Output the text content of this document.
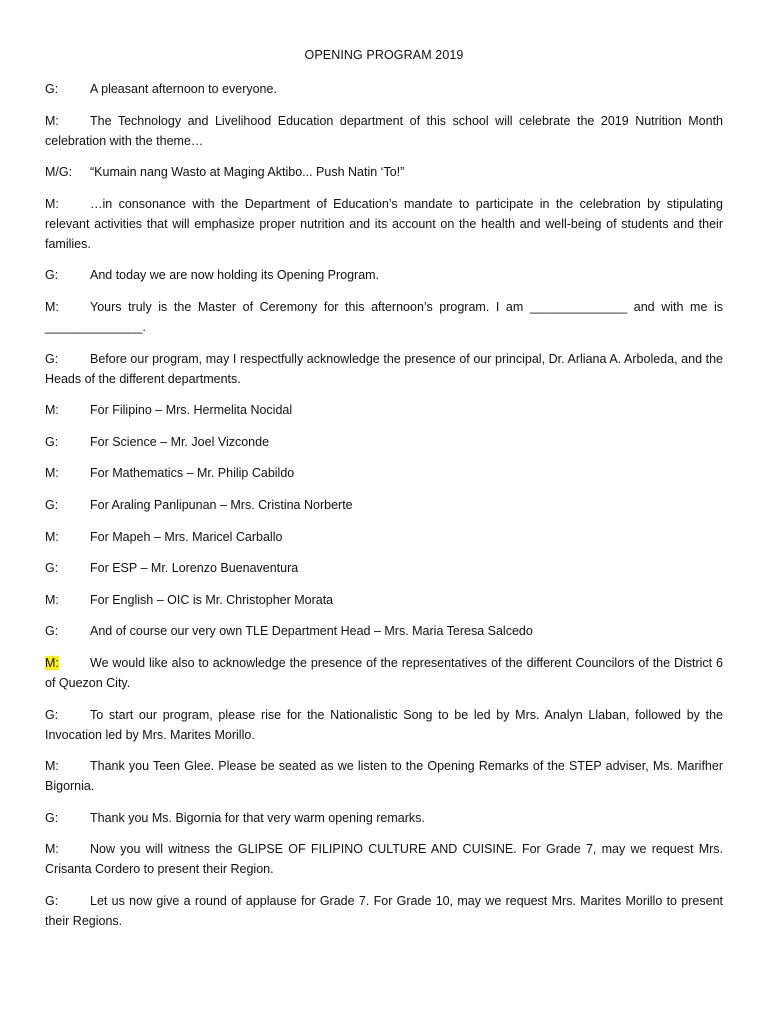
OPENING PROGRAM 2019
G:	A pleasant afternoon to everyone.
M: The Technology and Livelihood Education department of this school will celebrate the 2019 Nutrition Month celebration with the theme…
M/G: “Kumain nang Wasto at Maging Aktibo... Push Natin ‘To!”
M: …in consonance with the Department of Education’s mandate to participate in the celebration by stipulating relevant activities that will emphasize proper nutrition and its account on the health and well-being of students and their families.
G:	And today we are now holding its Opening Program.
M: Yours truly is the Master of Ceremony for this afternoon’s program. I am ______________ and with me is ______________.
G:	Before our program, may I respectfully acknowledge the presence of our principal, Dr. Arliana A. Arboleda, and the Heads of the different departments.
M: For Filipino – Mrs. Hermelita Nocidal
G:	For Science – Mr. Joel Vizconde
M: For Mathematics – Mr. Philip Cabildo
G:	For Araling Panlipunan – Mrs. Cristina Norberte
M: For Mapeh – Mrs. Maricel Carballo
G:	For ESP – Mr. Lorenzo Buenaventura
M: For English – OIC is Mr. Christopher Morata
G:	And of course our very own TLE Department Head – Mrs. Maria Teresa Salcedo
M: We would like also to acknowledge the presence of the representatives of the different Councilors of the District 6 of Quezon City.
G:	To start our program, please rise for the Nationalistic Song to be led by Mrs. Analyn Llaban, followed by the Invocation led by Mrs. Marites Morillo.
M: Thank you Teen Glee. Please be seated as we listen to the Opening Remarks of the STEP adviser, Ms. Marifher Bigornia.
G:	Thank you Ms. Bigornia for that very warm opening remarks.
M: Now you will witness the GLIPSE OF FILIPINO CULTURE AND CUISINE. For Grade 7, may we request Mrs. Crisanta Cordero to present their Region.
G:	Let us now give a round of applause for Grade 7. For Grade 10, may we request Mrs. Marites Morillo to present their Regions.
